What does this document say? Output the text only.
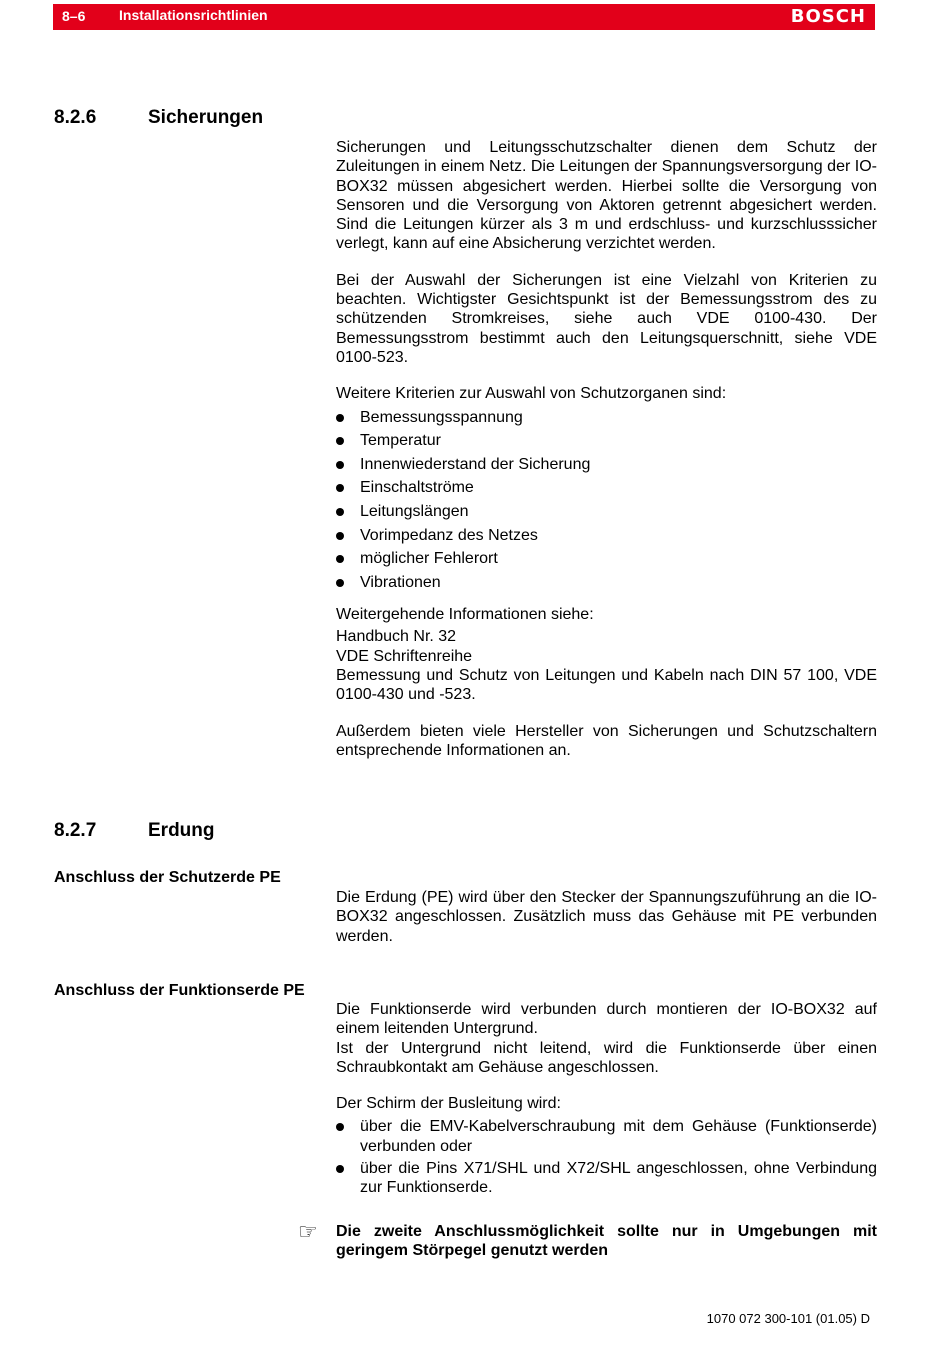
8–6 Installationsrichtlinien	BOSCH
8.2.6	Sicherungen

Sicherungen und Leitungsschutzschalter dienen dem Schutz der Zuleitungen in einem Netz. Die Leitungen der Spannungsversorgung der IO-BOX32 müssen abgesichert werden. Hierbei sollte die Versorgung von Sensoren und die Versorgung von Aktoren getrennt abgesichert werden. Sind die Leitungen kürzer als 3 m und erdschluss- und kurzschlusssicher verlegt, kann auf eine Absicherung verzichtet werden.

Bei der Auswahl der Sicherungen ist eine Vielzahl von Kriterien zu beachten. Wichtigster Gesichtspunkt ist der Bemessungsstrom des zu schützenden Stromkreises, siehe auch VDE 0100-430. Der Bemessungsstrom bestimmt auch den Leitungsquerschnitt, siehe VDE 0100-523.

Weitere Kriterien zur Auswahl von Schutzorganen sind:

Bemessungsspannung
Temperatur
Innenwiederstand der Sicherung
Einschaltströme
Leitungslängen
Vorimpedanz des Netzes
möglicher Fehlerort
Vibrationen

Weitergehende Informationen siehe:

Handbuch Nr. 32

VDE Schriftenreihe

Bemessung und Schutz von Leitungen und Kabeln nach DIN 57 100, VDE 0100-430 und -523.

Außerdem bieten viele Hersteller von Sicherungen und Schutzschaltern entsprechende Informationen an.

8.2.7	Erdung
Anschluss der Schutzerde PE
Die Erdung (PE) wird über den Stecker der Spannungszuführung an die IO-BOX32 angeschlossen. Zusätzlich muss das Gehäuse mit PE verbunden werden.
Anschluss der Funktionserde PE

Die Funktionserde wird verbunden durch montieren der IO-BOX32 auf einem leitenden Untergrund.

Ist der Untergrund nicht leitend, wird die Funktionserde über einen Schraubkontakt am Gehäuse angeschlossen.

Der Schirm der Busleitung wird:

über die EMV-Kabelverschraubung mit dem Gehäuse (Funktionserde) verbunden oder
über die Pins X71/SHL und X72/SHL angeschlossen, ohne Verbindung zur Funktionserde.
☞ Die zweite Anschlussmöglichkeit sollte nur in Umgebungen mit geringem Störpegel genutzt werden
1070 072 300-101 (01.05) D
